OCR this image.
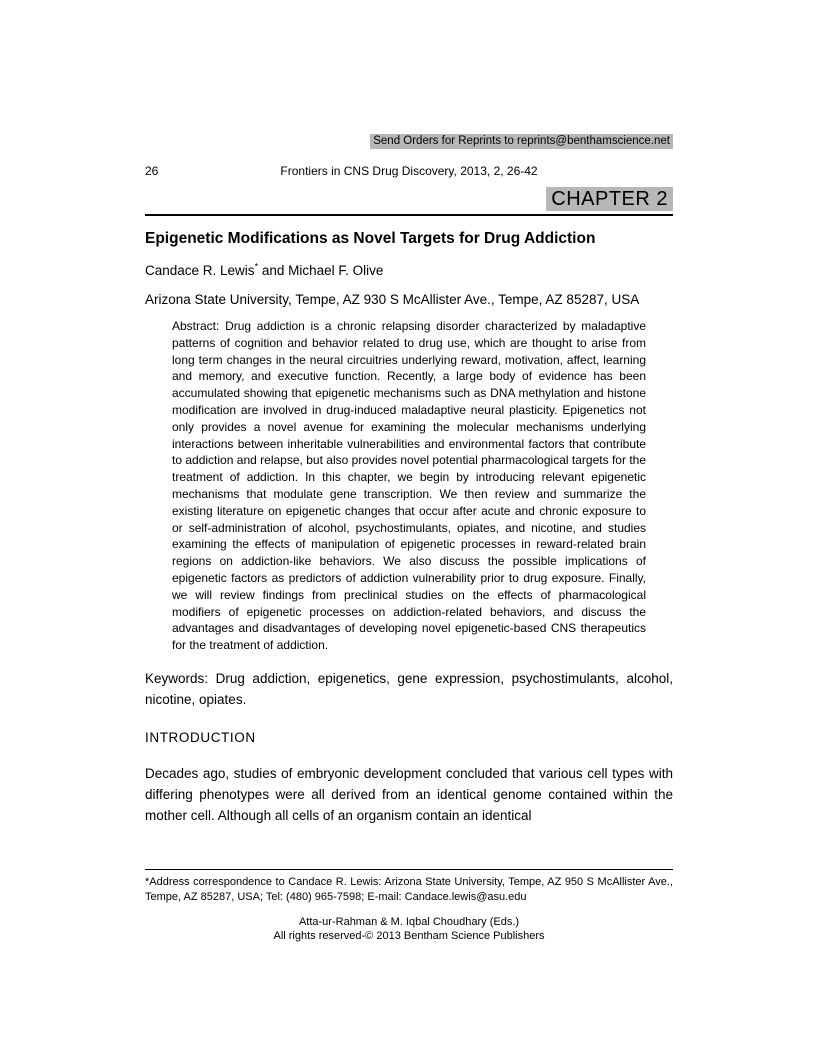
Send Orders for Reprints to reprints@benthamscience.net
26	Frontiers in CNS Drug Discovery, 2013, 2, 26-42
CHAPTER 2
Epigenetic Modifications as Novel Targets for Drug Addiction

Candace R. Lewis* and Michael F. Olive

Arizona State University, Tempe, AZ 930 S McAllister Ave., Tempe, AZ 85287, USA

Abstract: Drug addiction is a chronic relapsing disorder characterized by maladaptive patterns of cognition and behavior related to drug use, which are thought to arise from long term changes in the neural circuitries underlying reward, motivation, affect, learning and memory, and executive function. Recently, a large body of evidence has been accumulated showing that epigenetic mechanisms such as DNA methylation and histone modification are involved in drug-induced maladaptive neural plasticity. Epigenetics not only provides a novel avenue for examining the molecular mechanisms underlying interactions between inheritable vulnerabilities and environmental factors that contribute to addiction and relapse, but also provides novel potential pharmacological targets for the treatment of addiction. In this chapter, we begin by introducing relevant epigenetic mechanisms that modulate gene transcription. We then review and summarize the existing literature on epigenetic changes that occur after acute and chronic exposure to or self-administration of alcohol, psychostimulants, opiates, and nicotine, and studies examining the effects of manipulation of epigenetic processes in reward-related brain regions on addiction-like behaviors. We also discuss the possible implications of epigenetic factors as predictors of addiction vulnerability prior to drug exposure. Finally, we will review findings from preclinical studies on the effects of pharmacological modifiers of epigenetic processes on addiction-related behaviors, and discuss the advantages and disadvantages of developing novel epigenetic-based CNS therapeutics for the treatment of addiction.

Keywords: Drug addiction, epigenetics, gene expression, psychostimulants, alcohol, nicotine, opiates.

INTRODUCTION

Decades ago, studies of embryonic development concluded that various cell types with differing phenotypes were all derived from an identical genome contained within the mother cell. Although all cells of an organism contain an identical

*Address correspondence to Candace R. Lewis: Arizona State University, Tempe, AZ 950 S McAllister Ave., Tempe, AZ 85287, USA; Tel: (480) 965-7598; E-mail: Candace.lewis@asu.edu

Atta-ur-Rahman & M. Iqbal Choudhary (Eds.)

All rights reserved-© 2013 Bentham Science Publishers
